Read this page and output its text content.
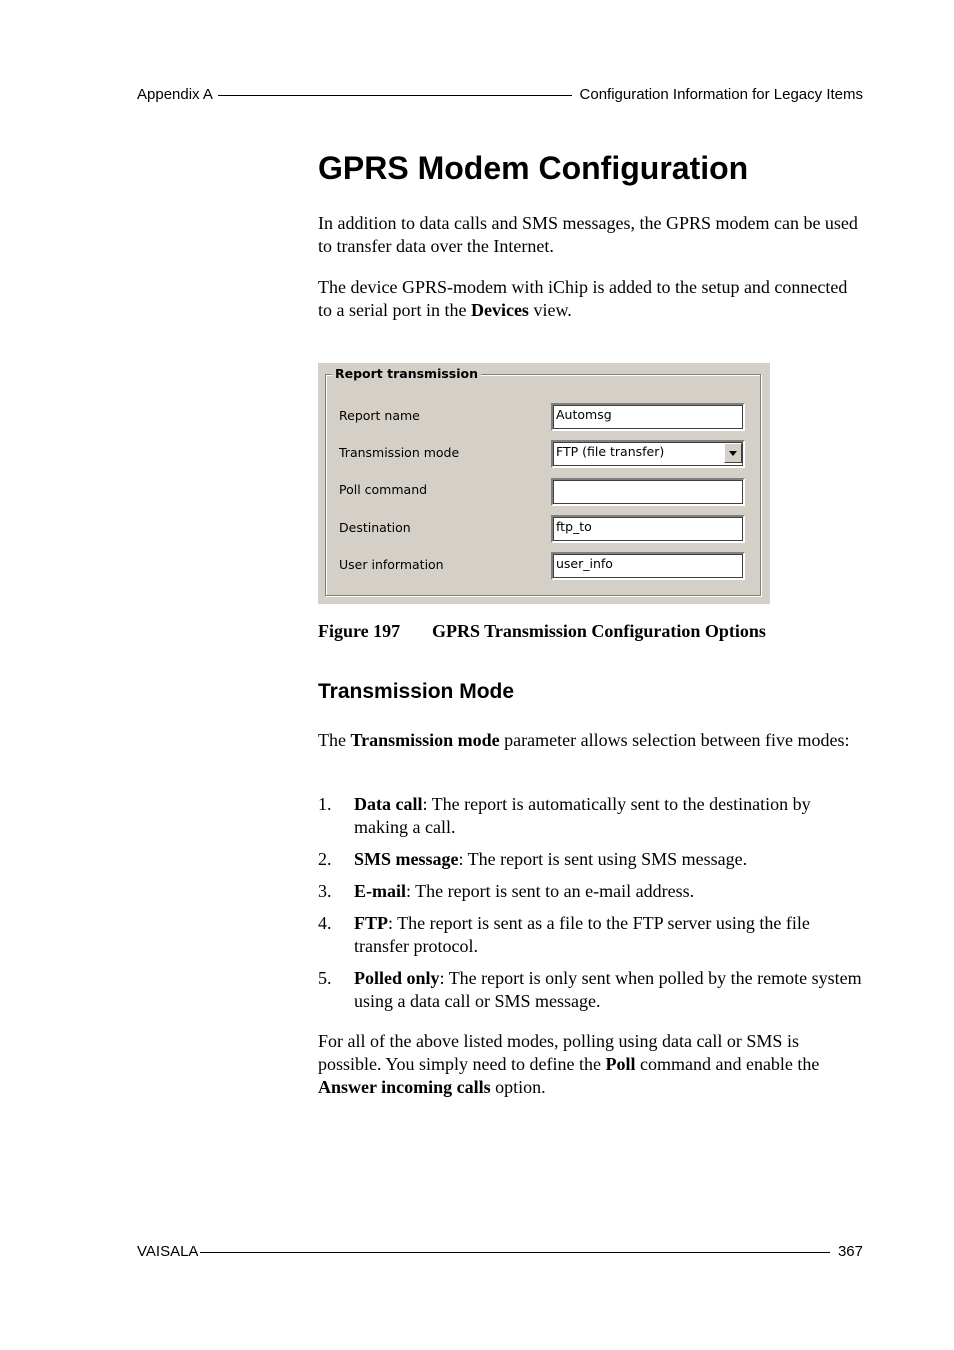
Appendix A	Configuration Information for Legacy Items
GPRS Modem Configuration

In addition to data calls and SMS messages, the GPRS modem can be used to transfer data over the Internet.

The device GPRS-modem with iChip is added to the setup and connected to a serial port in the Devices view.

Report transmission
Report name	Automsg
Transmission mode	FTP (file transfer)
Poll command
Destination	ftp_to
User information	user_info
Figure 197 GPRS Transmission Configuration Options
Transmission Mode

The Transmission mode parameter allows selection between five modes:

1. Data call: The report is automatically sent to the destination by making a call.
2. SMS message: The report is sent using SMS message.
3. E-mail: The report is sent to an e-mail address.
4. FTP: The report is sent as a file to the FTP server using the file transfer protocol.
5. Polled only: The report is only sent when polled by the remote system using a data call or SMS message.

For all of the above listed modes, polling using data call or SMS is possible. You simply need to define the Poll command and enable the Answer incoming calls option.

VAISALA	367
